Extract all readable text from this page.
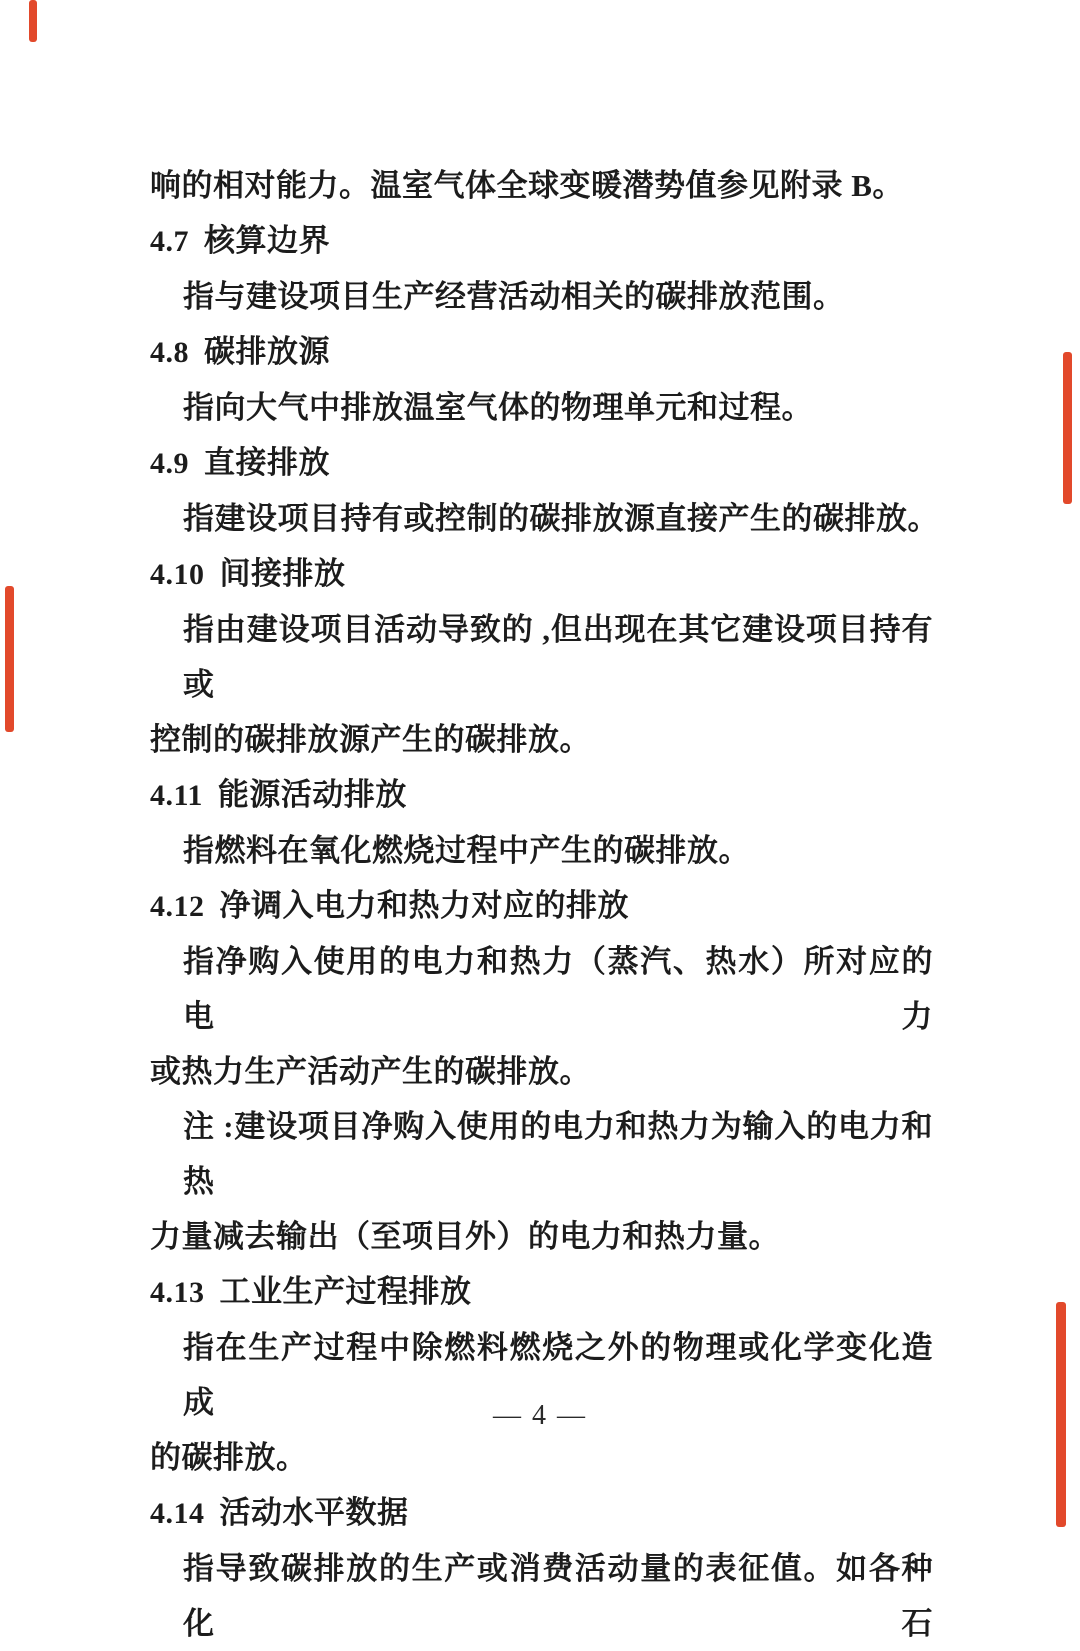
响的相对能力。温室气体全球变暖潜势值参见附录 B。
4.7 核算边界
指与建设项目生产经营活动相关的碳排放范围。
4.8 碳排放源
指向大气中排放温室气体的物理单元和过程。
4.9 直接排放
指建设项目持有或控制的碳排放源直接产生的碳排放。
4.10 间接排放
指由建设项目活动导致的 ,但出现在其它建设项目持有或
控制的碳排放源产生的碳排放。
4.11 能源活动排放
指燃料在氧化燃烧过程中产生的碳排放。
4.12 净调入电力和热力对应的排放
指净购入使用的电力和热力（蒸汽、热水）所对应的电力
或热力生产活动产生的碳排放。
注 :建设项目净购入使用的电力和热力为输入的电力和热
力量减去输出（至项目外）的电力和热力量。
4.13 工业生产过程排放
指在生产过程中除燃料燃烧之外的物理或化学变化造成
的碳排放。
4.14 活动水平数据
指导致碳排放的生产或消费活动量的表征值。如各种化石
— 4 —
